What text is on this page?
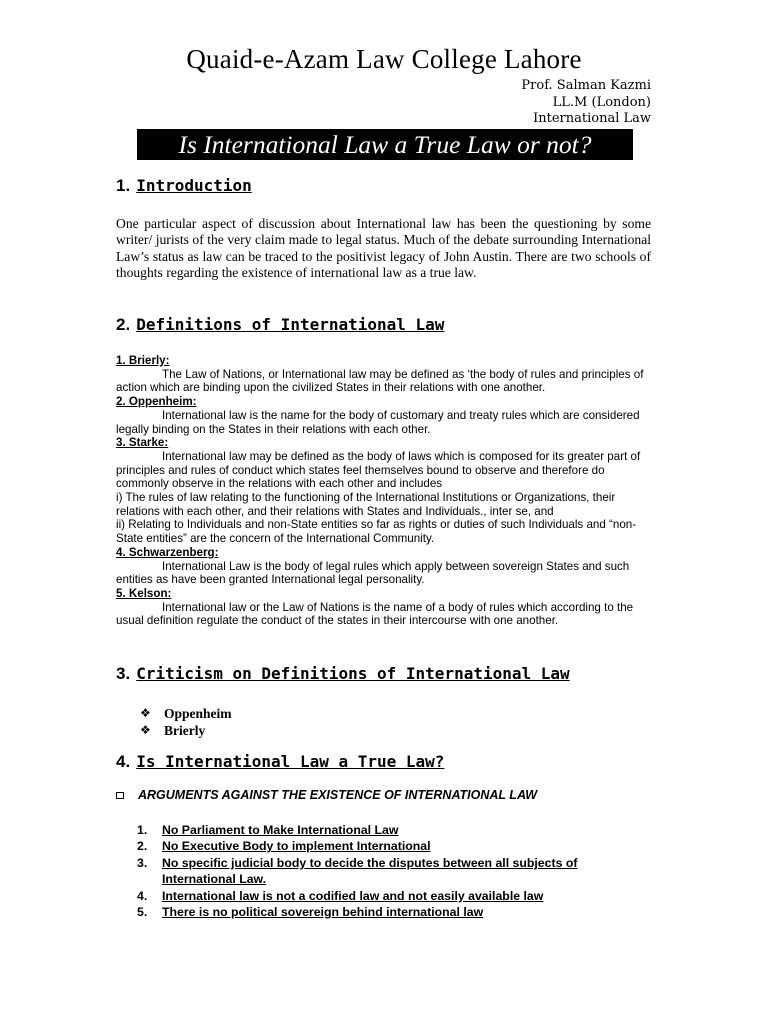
Quaid-e-Azam Law College Lahore
Prof. Salman Kazmi
LL.M (London)
International Law
Is International Law a True Law or not?
1. Introduction
One particular aspect of discussion about International law has been the questioning by some writer/ jurists of the very claim made to legal status. Much of the debate surrounding International Law’s status as law can be traced to the positivist legacy of John Austin. There are two schools of thoughts regarding the existence of international law as a true law.
2. Definitions of International Law
1. Brierly:
The Law of Nations, or International law may be defined as ‘the body of rules and principles of action which are binding upon the civilized States in their relations with one another.
2. Oppenheim:
International law is the name for the body of customary and treaty rules which are considered legally binding on the States in their relations with each other.
3. Starke:
International law may be defined as the body of laws which is composed for its greater part of principles and rules of conduct which states feel themselves bound to observe and therefore do commonly observe in the relations with each other and includes
i) The rules of law relating to the functioning of the International Institutions or Organizations, their relations with each other, and their relations with States and Individuals., inter se, and
ii) Relating to Individuals and non-State entities so far as rights or duties of such Individuals and “non-State entities” are the concern of the International Community.
4. Schwarzenberg:
International Law is the body of legal rules which apply between sovereign States and such entities as have been granted International legal personality.
5. Kelson:
International law or the Law of Nations is the name of a body of rules which according to the usual definition regulate the conduct of the states in their intercourse with one another.
3. Criticism on Definitions of International Law
❖ Oppenheim
❖ Brierly
4. Is International Law a True Law?
ARGUMENTS AGAINST THE EXISTENCE OF INTERNATIONAL LAW
1.	No Parliament to Make International Law
2.	No Executive Body to implement International
3.	No specific judicial body to decide the disputes between all subjects of International Law.
4.	International law is not a codified law and not easily available law
5.	There is no political sovereign behind international law
